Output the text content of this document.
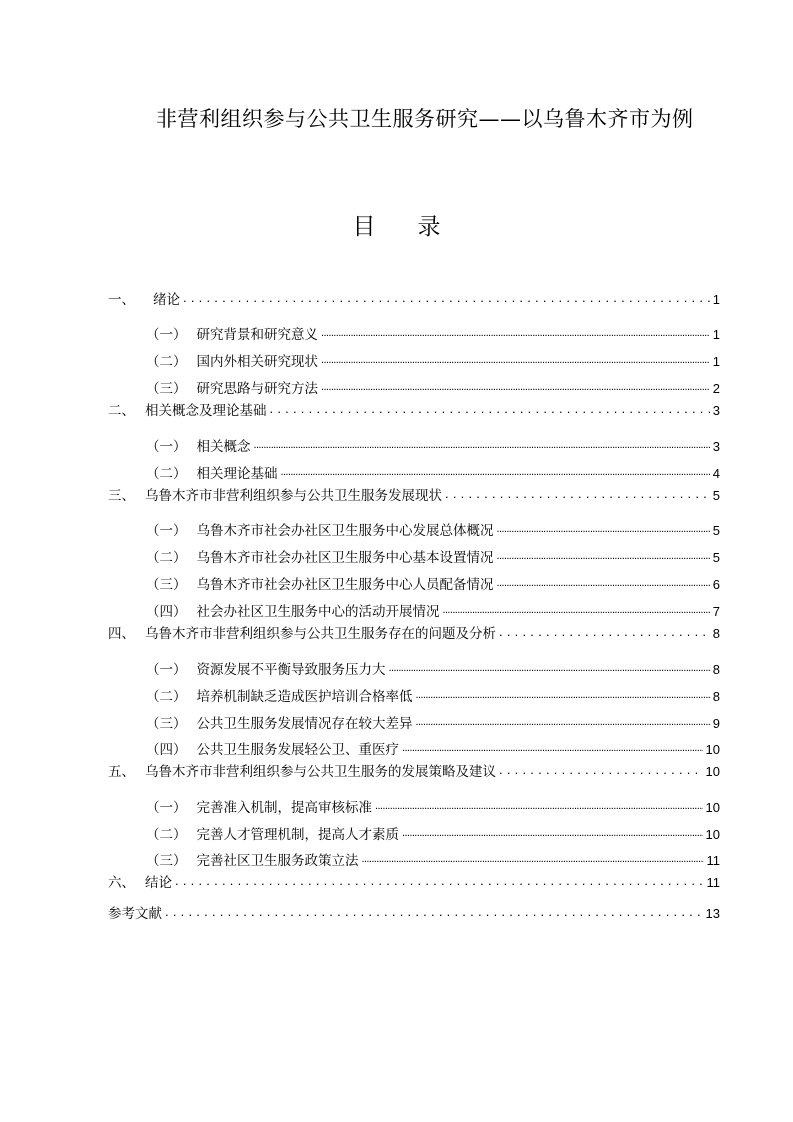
非营利组织参与公共卫生服务研究——以乌鲁木齐市为例
目录
一、 绪论 . . .	1
（一） 研究背景和研究意义 .....	1
（二） 国内外相关研究现状 .....	1
（三） 研究思路与研究方法 .....	2
二、 相关概念及理论基础 . . .	3
（一） 相关概念 .....	3
（二） 相关理论基础 .....	4
三、 乌鲁木齐市非营利组织参与公共卫生服务发展现状 . . .	5
（一） 乌鲁木齐市社会办社区卫生服务中心发展总体概况 .....	5
（二） 乌鲁木齐市社会办社区卫生服务中心基本设置情况 .....	5
（三） 乌鲁木齐市社会办社区卫生服务中心人员配备情况 .....	6
（四） 社会办社区卫生服务中心的活动开展情况 .....	7
四、 乌鲁木齐市非营利组织参与公共卫生服务存在的问题及分析 . . .	8
（一） 资源发展不平衡导致服务压力大 .....	8
（二） 培养机制缺乏造成医护培训合格率低 .....	8
（三） 公共卫生服务发展情况存在较大差异 .....	9
（四） 公共卫生服务发展轻公卫、重医疗 .....	10
五、 乌鲁木齐市非营利组织参与公共卫生服务的发展策略及建议 . . .	10
（一） 完善准入机制，提高审核标准 .....	10
（二） 完善人才管理机制，提高人才素质 .....	10
（三） 完善社区卫生服务政策立法 .....	11
六、 结论 . . .	11
参考文献 . . .	13
